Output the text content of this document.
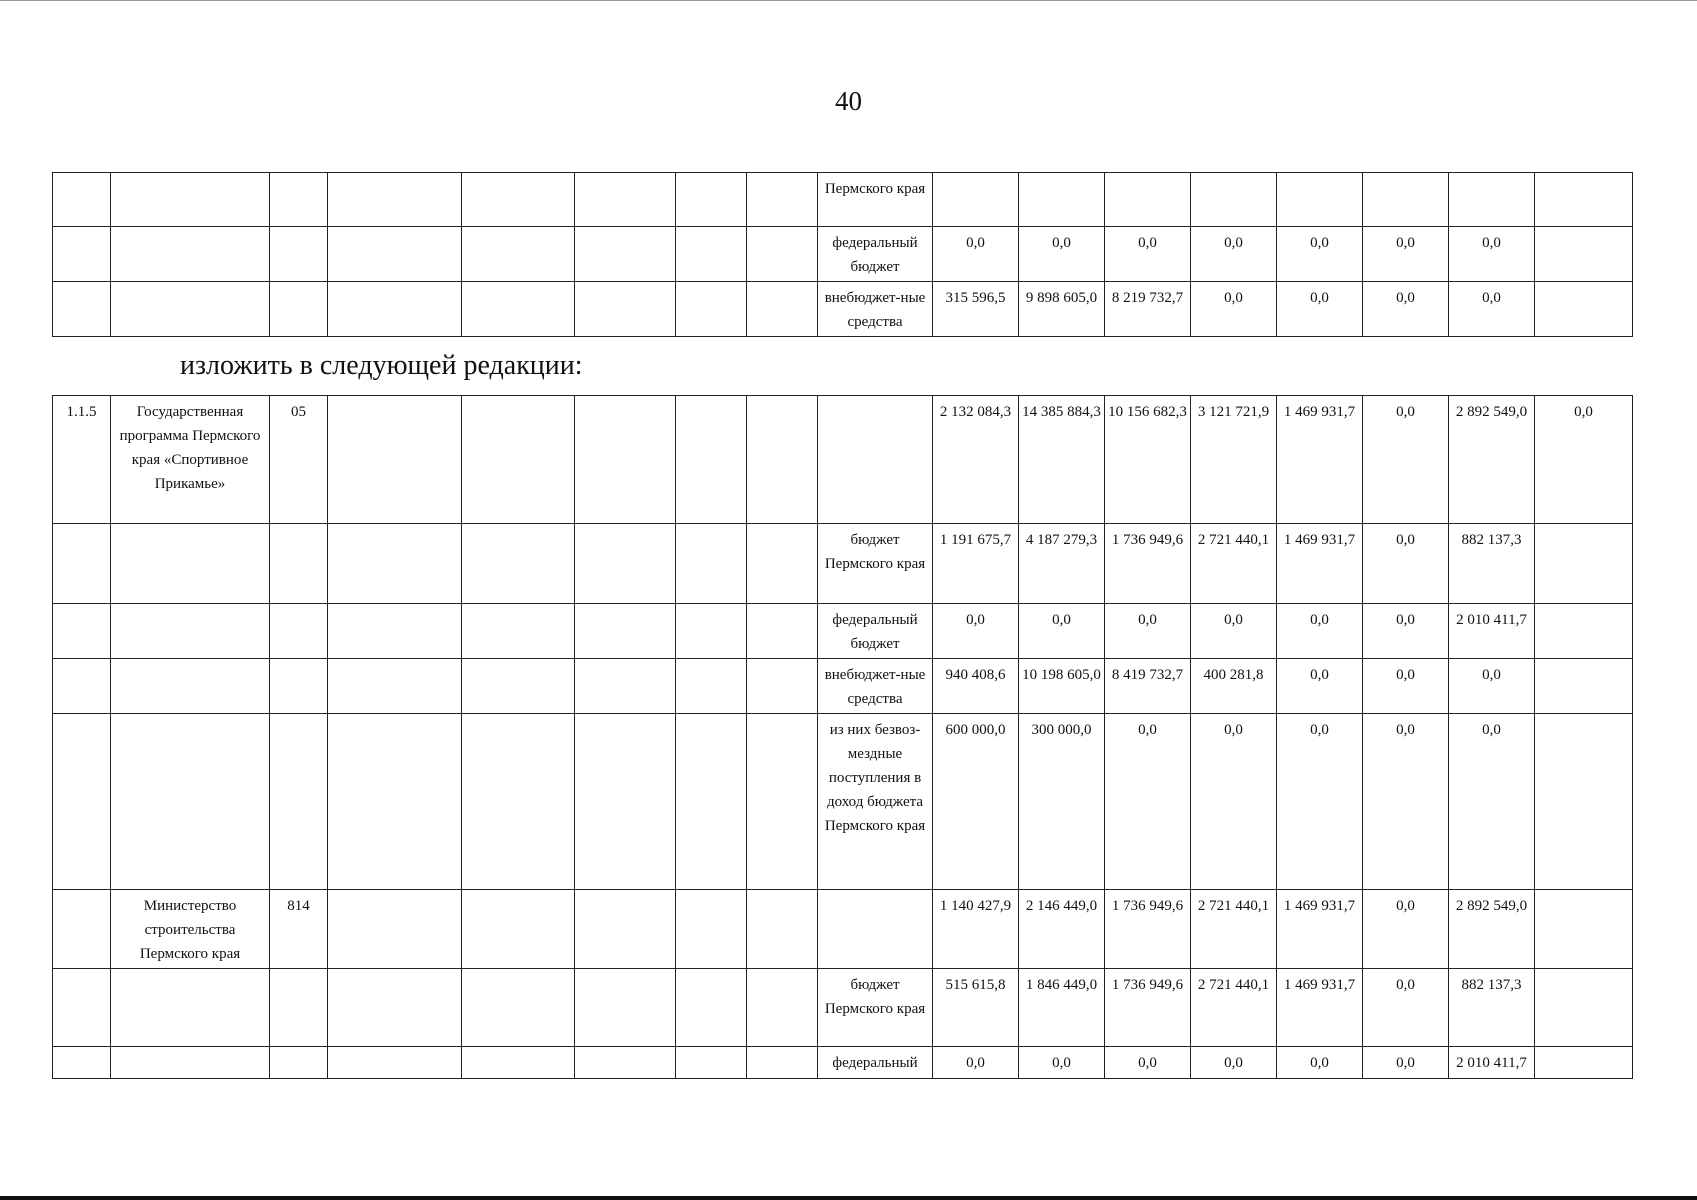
40
								Пермского края								
								федеральный бюджет	0,0	0,0	0,0	0,0	0,0	0,0	0,0	
								внебюджет-ные средства	315 596,5	9 898 605,0	8 219 732,7	0,0	0,0	0,0	0,0	
изложить в следующей редакции:
1.1.5	Государственная программа Пермского края «Спортивное Прикамье»	05							2 132 084,3	14 385 884,3	10 156 682,3	3 121 721,9	1 469 931,7	0,0	2 892 549,0	0,0
								бюджет Пермского края	1 191 675,7	4 187 279,3	1 736 949,6	2 721 440,1	1 469 931,7	0,0	882 137,3	
								федеральный бюджет	0,0	0,0	0,0	0,0	0,0	0,0	2 010 411,7	
								внебюджет-ные средства	940 408,6	10 198 605,0	8 419 732,7	400 281,8	0,0	0,0	0,0	
								из них безвоз-мездные поступления в доход бюджета Пермского края	600 000,0	300 000,0	0,0	0,0	0,0	0,0	0,0	
	Министерство строительства Пермского края	814							1 140 427,9	2 146 449,0	1 736 949,6	2 721 440,1	1 469 931,7	0,0	2 892 549,0	
								бюджет Пермского края	515 615,8	1 846 449,0	1 736 949,6	2 721 440,1	1 469 931,7	0,0	882 137,3	
								федеральный	0,0	0,0	0,0	0,0	0,0	0,0	2 010 411,7	
